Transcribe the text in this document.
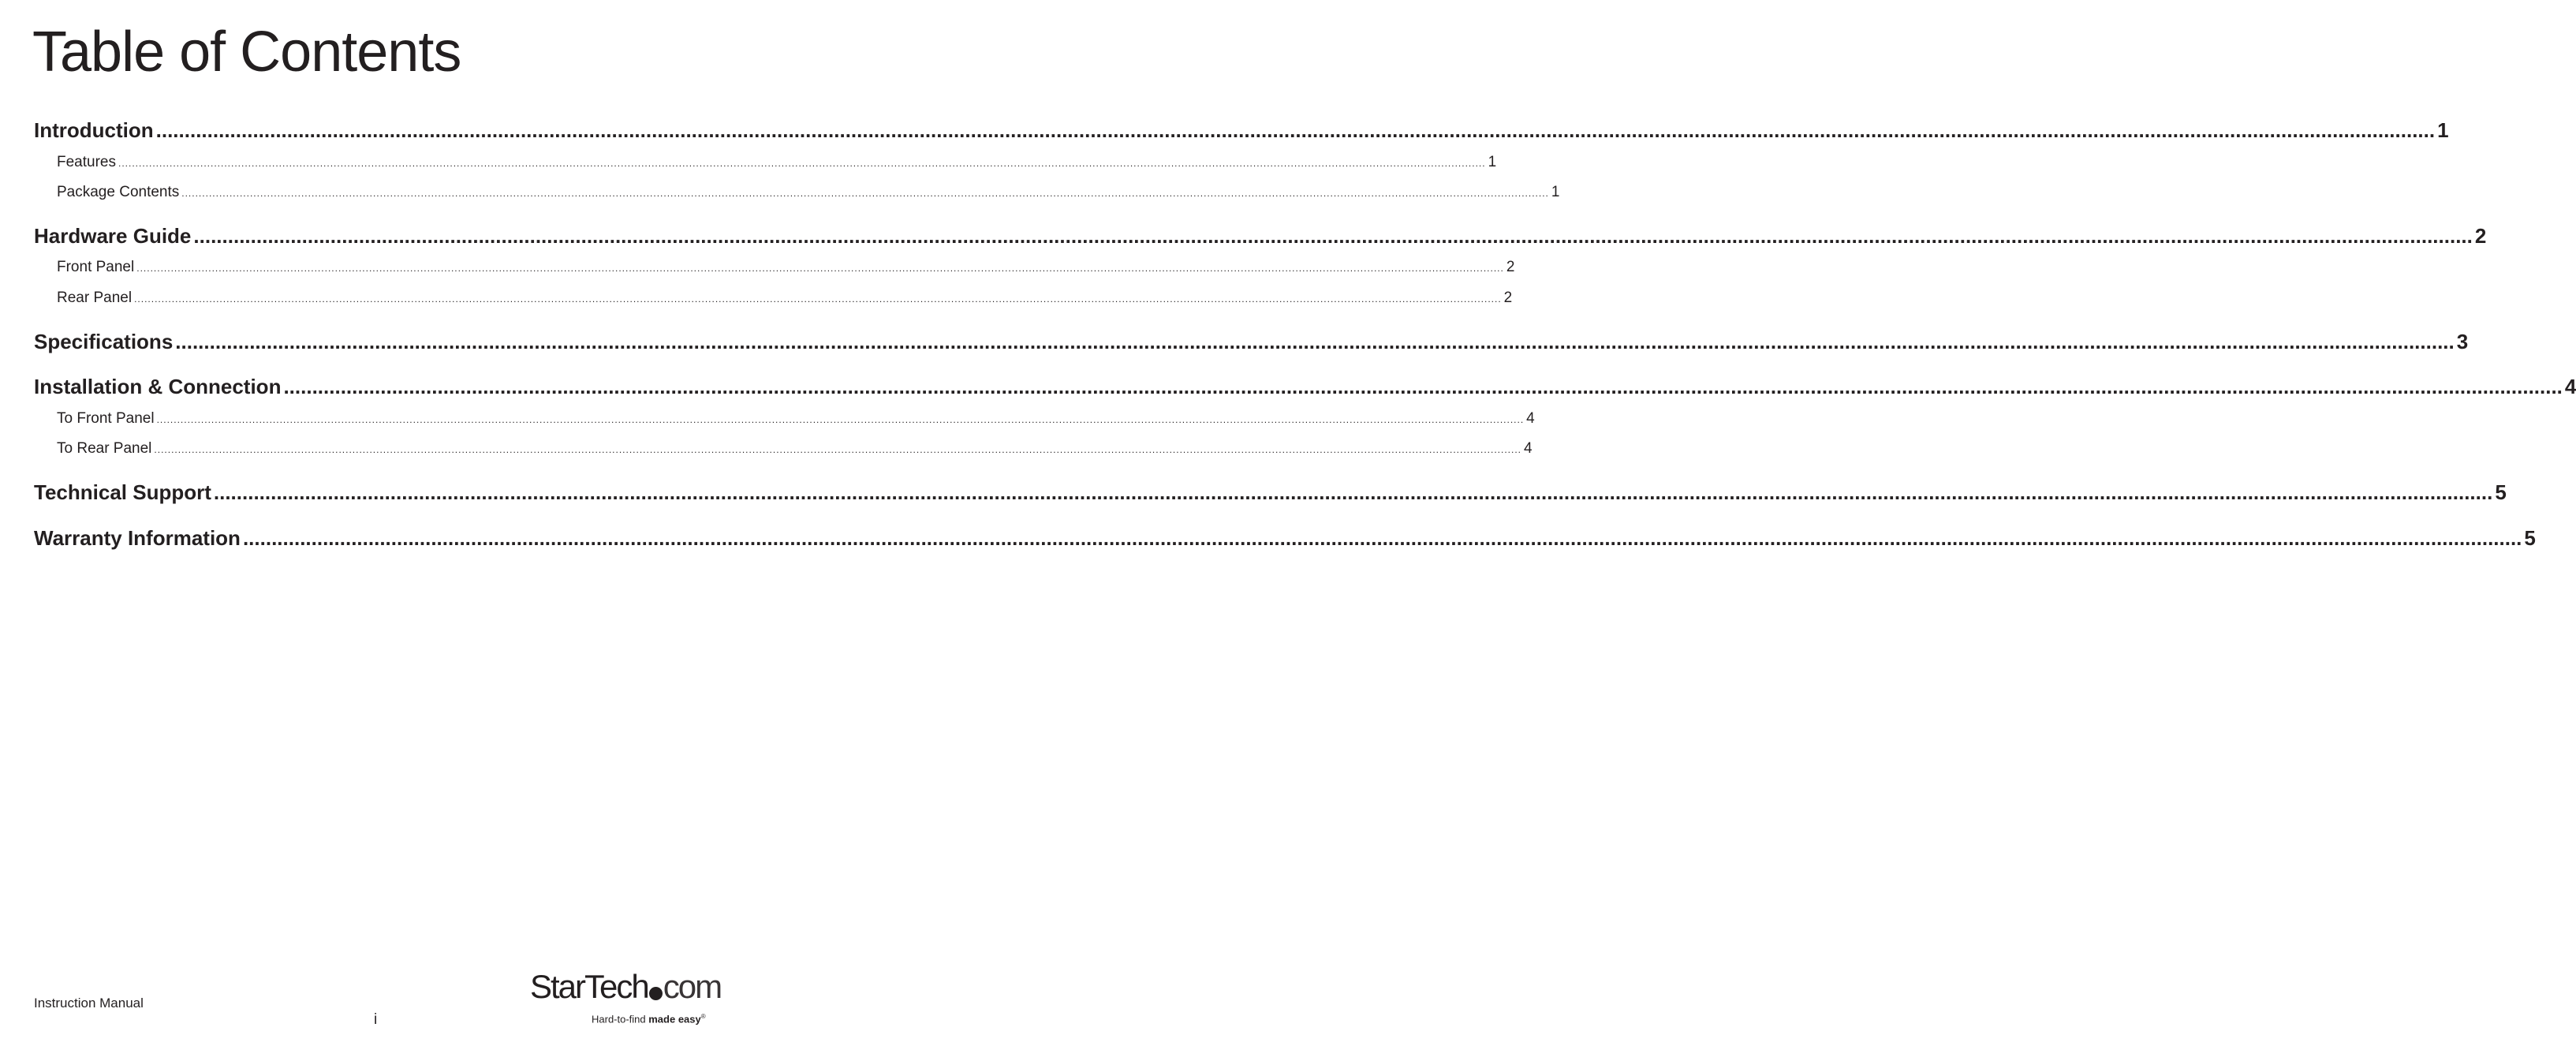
Table of Contents
Introduction ................................................................................................................................................................................................................................................................................................................................................................................................................ 1
Features ................................................................................................................................................................................................................................................................................................................................................................................................................ 1
Package Contents ................................................................................................................................................................................................................................................................................................................................................................................................................ 1
Hardware Guide ................................................................................................................................................................................................................................................................................................................................................................................................................ 2
Front Panel ................................................................................................................................................................................................................................................................................................................................................................................................................ 2
Rear Panel ................................................................................................................................................................................................................................................................................................................................................................................................................ 2
Specifications ................................................................................................................................................................................................................................................................................................................................................................................................................ 3
Installation & Connection ................................................................................................................................................................................................................................................................................................................................................................................................................ 4
To Front Panel ................................................................................................................................................................................................................................................................................................................................................................................................................ 4
To Rear Panel ................................................................................................................................................................................................................................................................................................................................................................................................................ 4
Technical Support ................................................................................................................................................................................................................................................................................................................................................................................................................ 5
Warranty Information ................................................................................................................................................................................................................................................................................................................................................................................................................ 5
Instruction Manual
i
StarTech com
Hard-to-find made easy®
